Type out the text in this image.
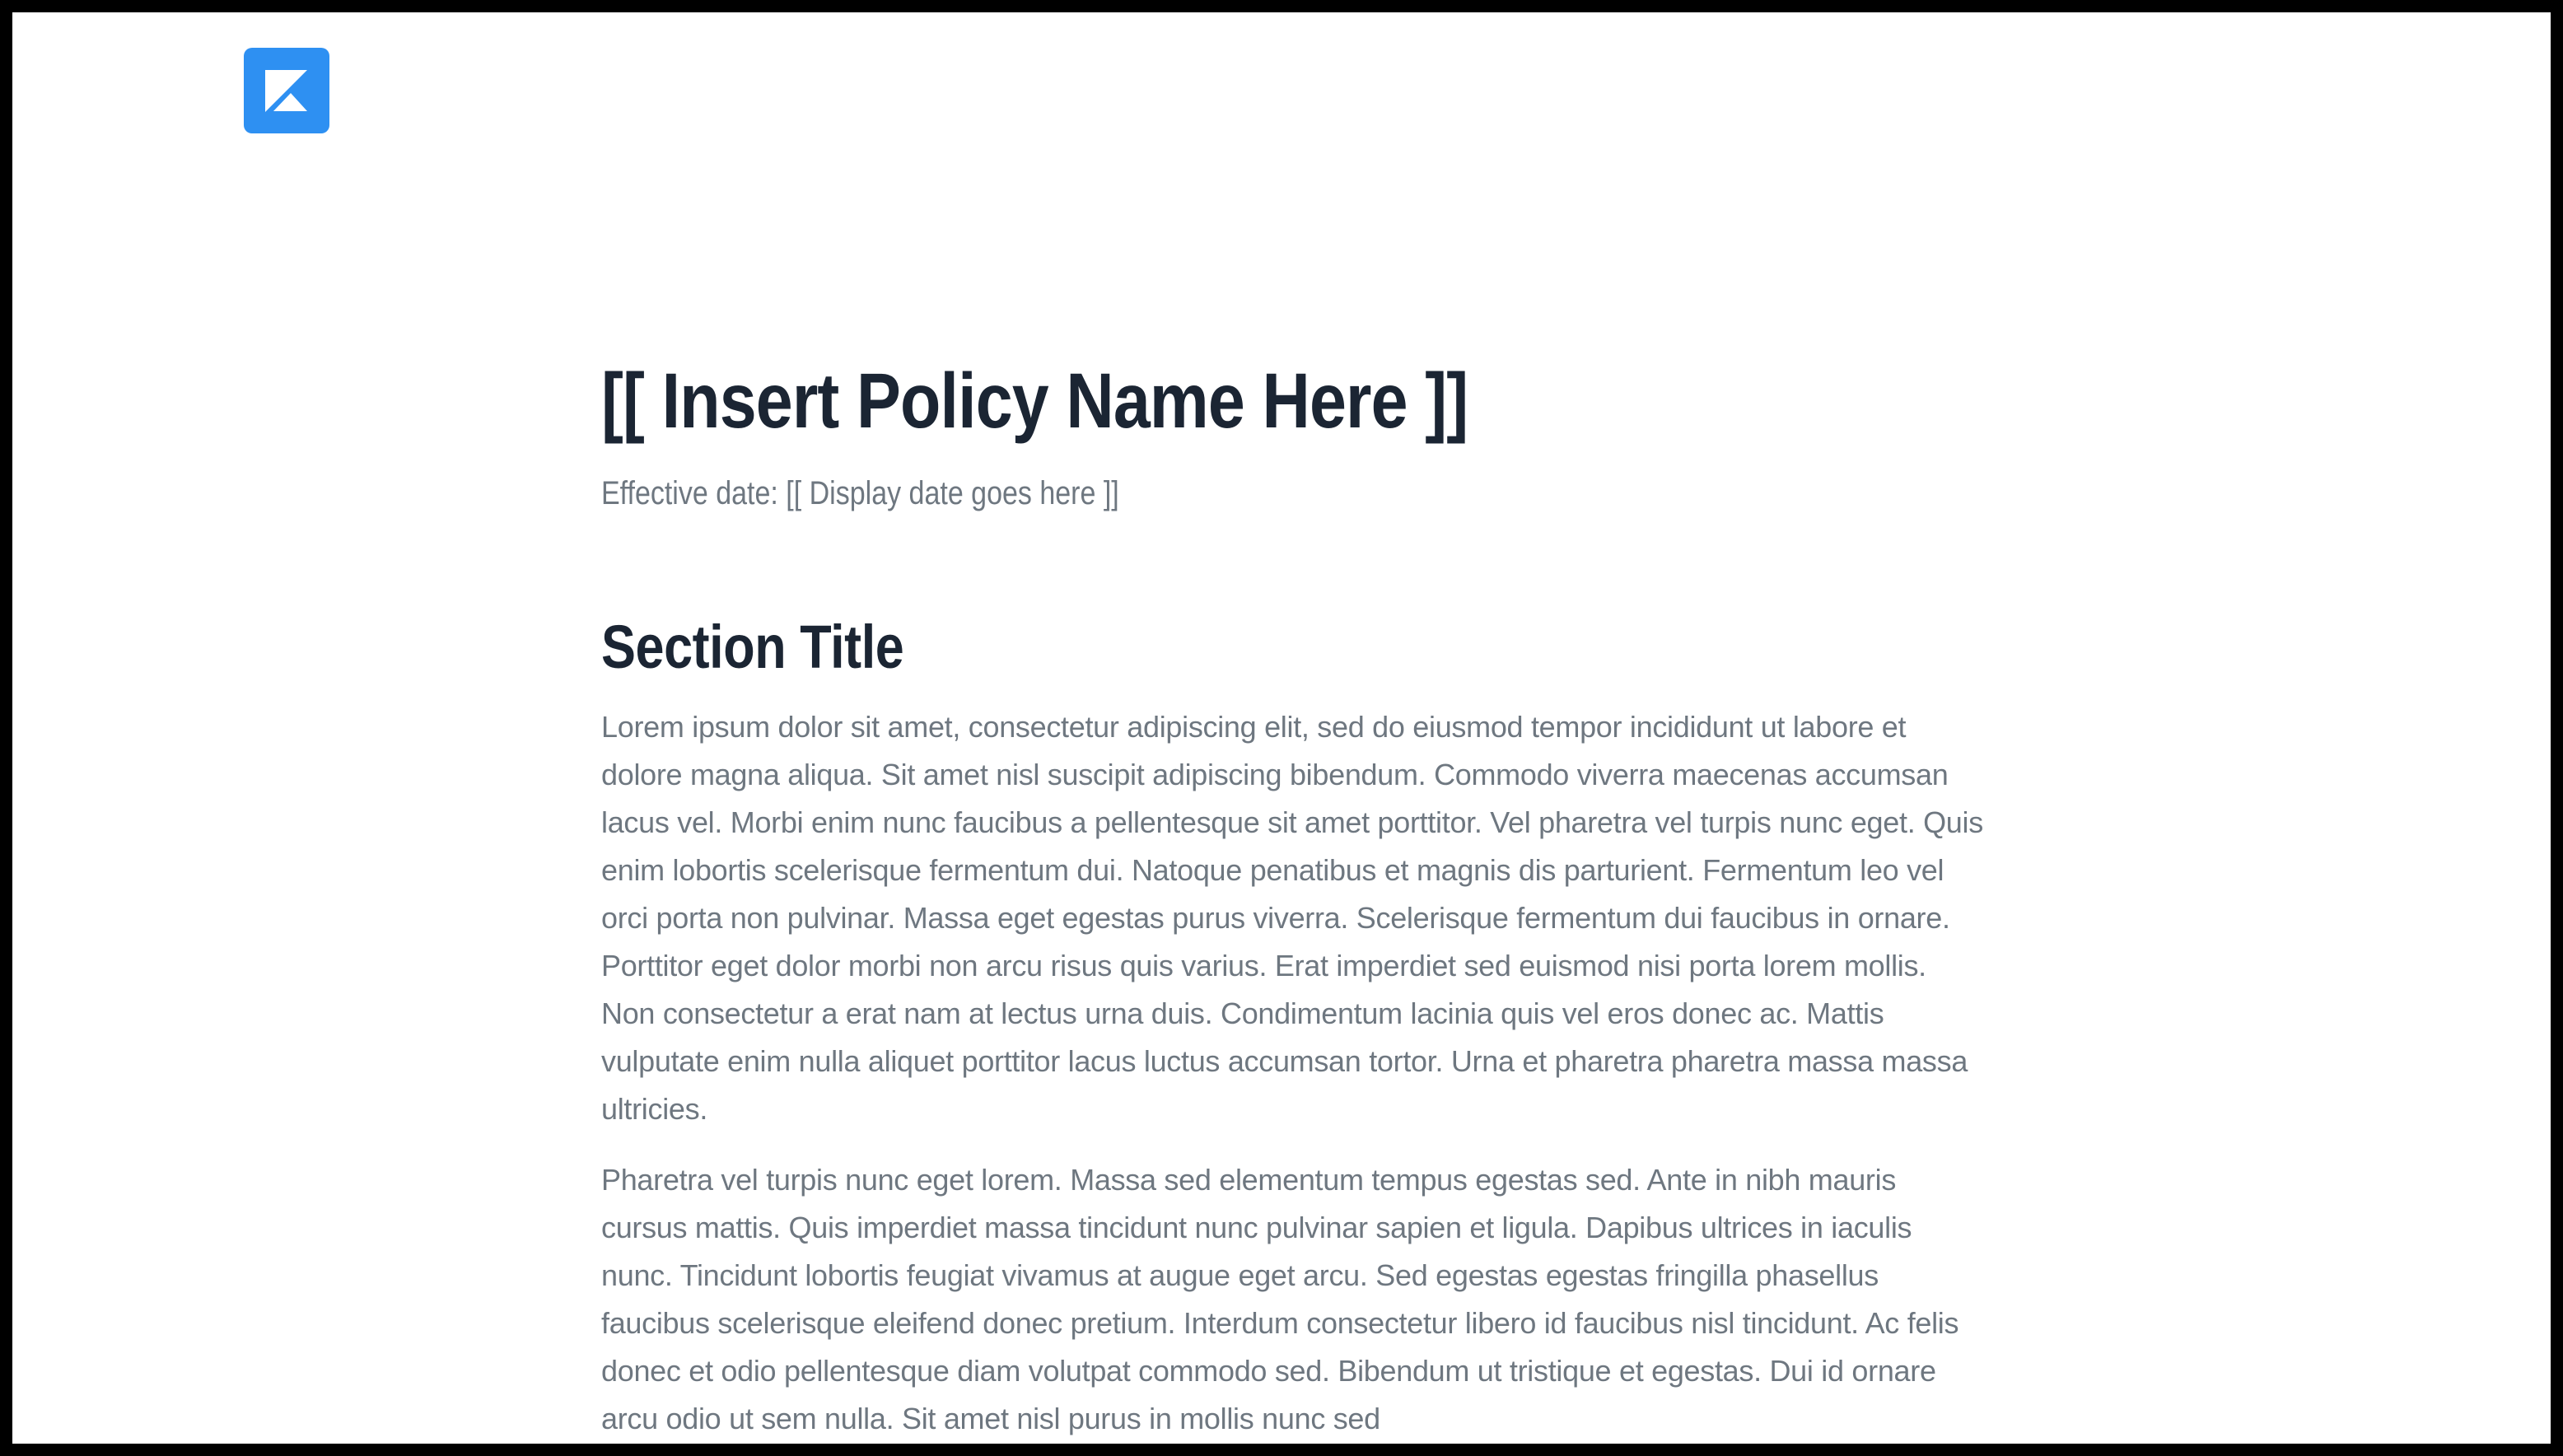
[[ Insert Policy Name Here ]]

Effective date: [[ Display date goes here ]]

Section Title

Lorem ipsum dolor sit amet, consectetur adipiscing elit, sed do eiusmod tempor incididunt ut labore et dolore magna aliqua. Sit amet nisl suscipit adipiscing bibendum. Commodo viverra maecenas accumsan lacus vel. Morbi enim nunc faucibus a pellentesque sit amet porttitor. Vel pharetra vel turpis nunc eget. Quis enim lobortis scelerisque fermentum dui. Natoque penatibus et magnis dis parturient. Fermentum leo vel orci porta non pulvinar. Massa eget egestas purus viverra. Scelerisque fermentum dui faucibus in ornare. Porttitor eget dolor morbi non arcu risus quis varius. Erat imperdiet sed euismod nisi porta lorem mollis. Non consectetur a erat nam at lectus urna duis. Condimentum lacinia quis vel eros donec ac. Mattis vulputate enim nulla aliquet porttitor lacus luctus accumsan tortor. Urna et pharetra pharetra massa massa ultricies.

Pharetra vel turpis nunc eget lorem. Massa sed elementum tempus egestas sed. Ante in nibh mauris cursus mattis. Quis imperdiet massa tincidunt nunc pulvinar sapien et ligula. Dapibus ultrices in iaculis nunc. Tincidunt lobortis feugiat vivamus at augue eget arcu. Sed egestas egestas fringilla phasellus faucibus scelerisque eleifend donec pretium. Interdum consectetur libero id faucibus nisl tincidunt. Ac felis donec et odio pellentesque diam volutpat commodo sed. Bibendum ut tristique et egestas. Dui id ornare arcu odio ut sem nulla. Sit amet nisl purus in mollis nunc sed
